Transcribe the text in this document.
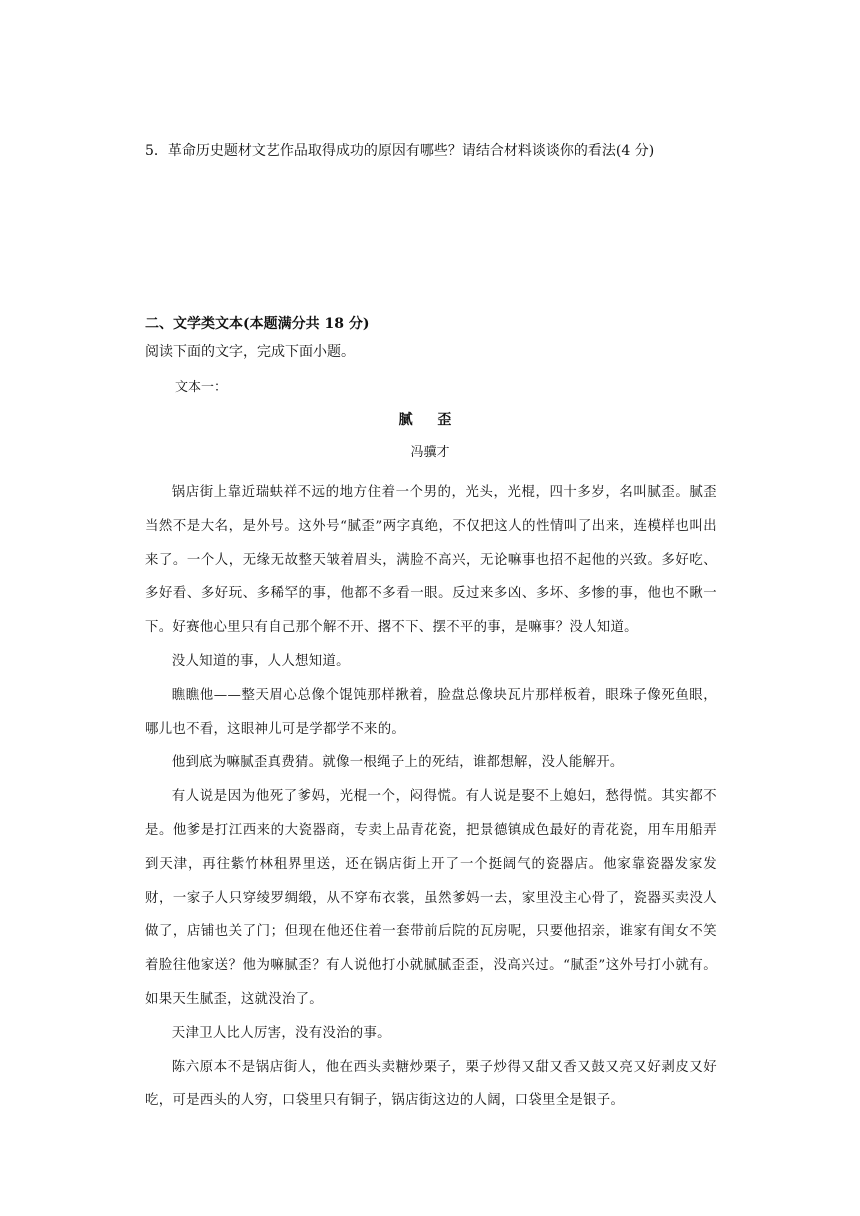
5．革命历史题材文艺作品取得成功的原因有哪些？请结合材料谈谈你的看法(4 分)
二、文学类文本(本题满分共 18 分)
阅读下面的文字，完成下面小题。
文本一：
腻 歪
冯骥才

锅店街上靠近瑞蚨祥不远的地方住着一个男的，光头，光棍，四十多岁，名叫腻歪。腻歪当然不是大名，是外号。这外号“腻歪”两字真绝，不仅把这人的性情叫了出来，连模样也叫出来了。一个人，无缘无故整天皱着眉头，满脸不高兴，无论嘛事也招不起他的兴致。多好吃、多好看、多好玩、多稀罕的事，他都不多看一眼。反过来多凶、多坏、多惨的事，他也不瞅一下。好赛他心里只有自己那个解不开、撂不下、摆不平的事，是嘛事？没人知道。

没人知道的事，人人想知道。

瞧瞧他——整天眉心总像个馄饨那样揪着，脸盘总像块瓦片那样板着，眼珠子像死鱼眼，哪儿也不看，这眼神儿可是学都学不来的。

他到底为嘛腻歪真费猜。就像一根绳子上的死结，谁都想解，没人能解开。

有人说是因为他死了爹妈，光棍一个，闷得慌。有人说是娶不上媳妇，愁得慌。其实都不是。他爹是打江西来的大瓷器商，专卖上品青花瓷，把景德镇成色最好的青花瓷，用车用船弄到天津，再往紫竹林租界里送，还在锅店街上开了一个挺阔气的瓷器店。他家靠瓷器发家发财，一家子人只穿绫罗绸缎，从不穿布衣裳，虽然爹妈一去，家里没主心骨了，瓷器买卖没人做了，店铺也关了门；但现在他还住着一套带前后院的瓦房呢，只要他招亲，谁家有闺女不笑着脸往他家送？他为嘛腻歪？有人说他打小就腻腻歪歪，没高兴过。“腻歪”这外号打小就有。如果天生腻歪，这就没治了。

天津卫人比人厉害，没有没治的事。

陈六原本不是锅店街人，他在西头卖糖炒栗子，栗子炒得又甜又香又鼓又亮又好剥皮又好吃，可是西头的人穷，口袋里只有铜子，锅店街这边的人阔，口袋里全是银子。
